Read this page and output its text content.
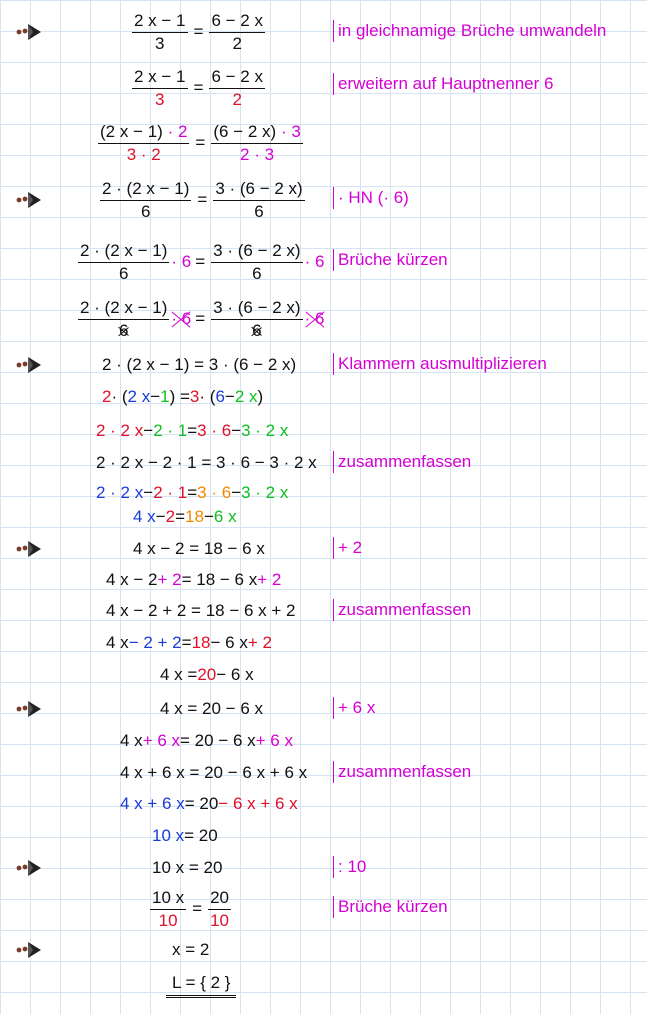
$\frac{2 x - 1}{3} = \frac{6 - 2 x}{2}$	in gleichnamige Brüche umwandeln
$\frac{2 x - 1}{3} = \frac{6 - 2 x}{2}$	erweitern auf Hauptnenner 6
$\frac{(2 x - 1) \cdot 2}{3 \cdot 2} = \frac{(6 - 2 x) \cdot 3}{2 \cdot 3}$
$\frac{2 \cdot (2 x - 1)}{6} = \frac{3 \cdot (6 - 2 x)}{6}$ · HN (· 6)
$\frac{2 \cdot (2 x - 1)}{6} \cdot 6 = \frac{3 \cdot (6 - 2 x)}{6} \cdot 6$ Brüche kürzen
$\frac{2 \cdot (2 x - 1)}{6} \cdot 6 = \frac{3 \cdot (6 - 2 x)}{6} \cdot 6$
2 · (2 x − 1) = 3 · (6 − 2 x)	Klammern ausmultiplizieren
2 · ( 2 x − 1 ) = 3 · ( 6 − 2 x )
2 · 2 x − 2 · 1 = 3 · 6 − 3 · 2 x
2 · 2 x − 2 · 1 = 3 · 6 − 3 · 2 x	zusammenfassen
2 · 2 x − 2 · 1 = 3 · 6 − 3 · 2 x
4 x − 2 = 18 − 6 x
4 x − 2 = 18 − 6 x	+ 2
4 x − 2 + 2 = 18 − 6 x + 2
4 x − 2 + 2 = 18 − 6 x + 2	zusammenfassen
4 x − 2 + 2 = 18 − 6 x + 2
4 x = 20 − 6 x
4 x = 20 − 6 x	+ 6 x
4 x + 6 x = 20 − 6 x + 6 x
4 x + 6 x = 20 − 6 x + 6 x	zusammenfassen
4 x + 6 x = 20 − 6 x + 6 x
10 x = 20
10 x = 20	: 10
$\frac{10 x}{10} = \frac{20}{10}$	Brüche kürzen
x = 2
L = { 2 }
